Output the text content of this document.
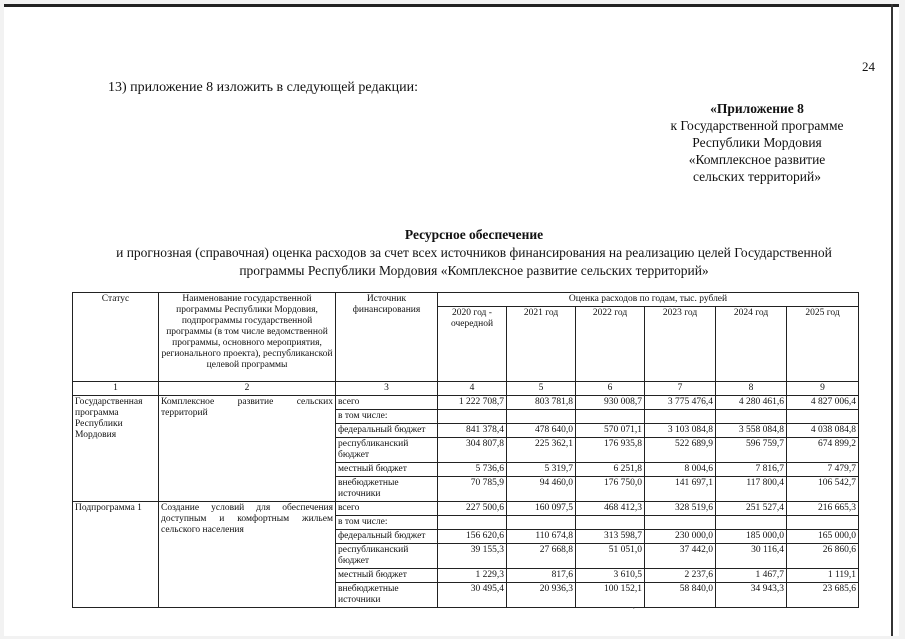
24
13) приложение 8 изложить в следующей редакции:
«Приложение 8
к Государственной программе
Республики Мордовия
«Комплексное развитие
сельских территорий»
Ресурсное обеспечение
и прогнозная (справочная) оценка расходов за счет всех источников финансирования на реализацию целей Государственной
программы Республики Мордовия «Комплексное развитие сельских территорий»
Статус	Наименование государственной программы Республики Мордовия, подпрограммы государственной программы (в том числе ведомственной программы, основного мероприятия, регионального проекта), республиканской целевой программы	Источник финансирования	Оценка расходов по годам, тыс. рублей					
			2020 год - очередной	2021 год	2022 год	2023 год	2024 год	2025 год
1	2	3	4	5	6	7	8	9
Государственная программа Республики Мордовия	Комплексное развитие сельских территорий	всего	1 222 708,7	803 781,8	930 008,7	3 775 476,4	4 280 461,6	4 827 006,4
		в том числе:						
		федеральный бюджет	841 378,4	478 640,0	570 071,1	3 103 084,8	3 558 084,8	4 038 084,8
		республиканский бюджет	304 807,8	225 362,1	176 935,8	522 689,9	596 759,7	674 899,2
		местный бюджет	5 736,6	5 319,7	6 251,8	8 004,6	7 816,7	7 479,7
		внебюджетные источники	70 785,9	94 460,0	176 750,0	141 697,1	117 800,4	106 542,7
Подпрограмма 1	Создание условий для обеспечения доступным и комфортным жильем сельского населения	всего	227 500,6	160 097,5	468 412,3	328 519,6	251 527,4	216 665,3
		в том числе:						
		федеральный бюджет	156 620,6	110 674,8	313 598,7	230 000,0	185 000,0	165 000,0
		республиканский бюджет	39 155,3	27 668,8	51 051,0	37 442,0	30 116,4	26 860,6
		местный бюджет	1 229,3	817,6	3 610,5	2 237,6	1 467,7	1 119,1
		внебюджетные источники	30 495,4	20 936,3	100 152,1	58 840,0	34 943,3	23 685,6
`
